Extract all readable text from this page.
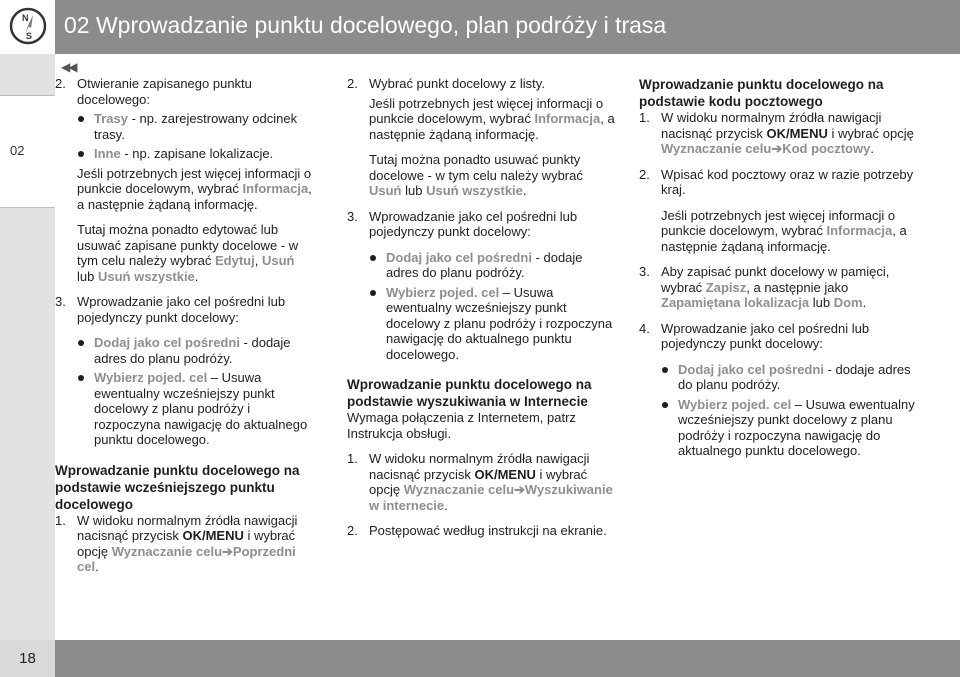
N
S 02 Wprowadzanie punktu docelowego, plan podróży i trasa
02
◀◀
2. Otwieranie zapisanego punktu docelowego:
Trasy - np. zarejestrowany odcinek trasy.
Inne - np. zapisane lokalizacje.
Jeśli potrzebnych jest więcej informacji o punkcie docelowym, wybrać Informacja, a następnie żądaną informację.
Tutaj można ponadto edytować lub usuwać zapisane punkty docelowe - w tym celu należy wybrać Edytuj, Usuń lub Usuń wszystkie.
3. Wprowadzanie jako cel pośredni lub pojedynczy punkt docelowy:
Dodaj jako cel pośredni - dodaje adres do planu podróży.
Wybierz pojed. cel – Usuwa ewentualny wcześniejszy punkt docelowy z planu podróży i rozpoczyna nawigację do aktualnego punktu docelowego.
Wprowadzanie punktu docelowego na podstawie wcześniejszego punktu docelowego
1. W widoku normalnym źródła nawigacji nacisnąć przycisk OK/MENU i wybrać opcję Wyznaczanie celu➔Poprzedni cel.
2. Wybrać punkt docelowy z listy.
Jeśli potrzebnych jest więcej informacji o punkcie docelowym, wybrać Informacja, a następnie żądaną informację.
Tutaj można ponadto usuwać punkty docelowe - w tym celu należy wybrać Usuń lub Usuń wszystkie.
3. Wprowadzanie jako cel pośredni lub pojedynczy punkt docelowy:
Dodaj jako cel pośredni - dodaje adres do planu podróży.
Wybierz pojed. cel – Usuwa ewentualny wcześniejszy punkt docelowy z planu podróży i rozpoczyna nawigację do aktualnego punktu docelowego.
Wprowadzanie punktu docelowego na podstawie wyszukiwania w Internecie

Wymaga połączenia z Internetem, patrz Instrukcja obsługi.

1. W widoku normalnym źródła nawigacji nacisnąć przycisk OK/MENU i wybrać opcję Wyznaczanie celu➔Wyszukiwanie w internecie.
2. Postępować według instrukcji na ekranie.
Wprowadzanie punktu docelowego na podstawie kodu pocztowego
1. W widoku normalnym źródła nawigacji nacisnąć przycisk OK/MENU i wybrać opcję Wyznaczanie celu➔Kod pocztowy.
2. Wpisać kod pocztowy oraz w razie potrzeby kraj.
Jeśli potrzebnych jest więcej informacji o punkcie docelowym, wybrać Informacja, a następnie żądaną informację.
3. Aby zapisać punkt docelowy w pamięci, wybrać Zapisz, a następnie jako Zapamiętana lokalizacja lub Dom.
4. Wprowadzanie jako cel pośredni lub pojedynczy punkt docelowy:
Dodaj jako cel pośredni - dodaje adres do planu podróży.
Wybierz pojed. cel – Usuwa ewentualny wcześniejszy punkt docelowy z planu podróży i rozpoczyna nawigację do aktualnego punktu docelowego.
18
